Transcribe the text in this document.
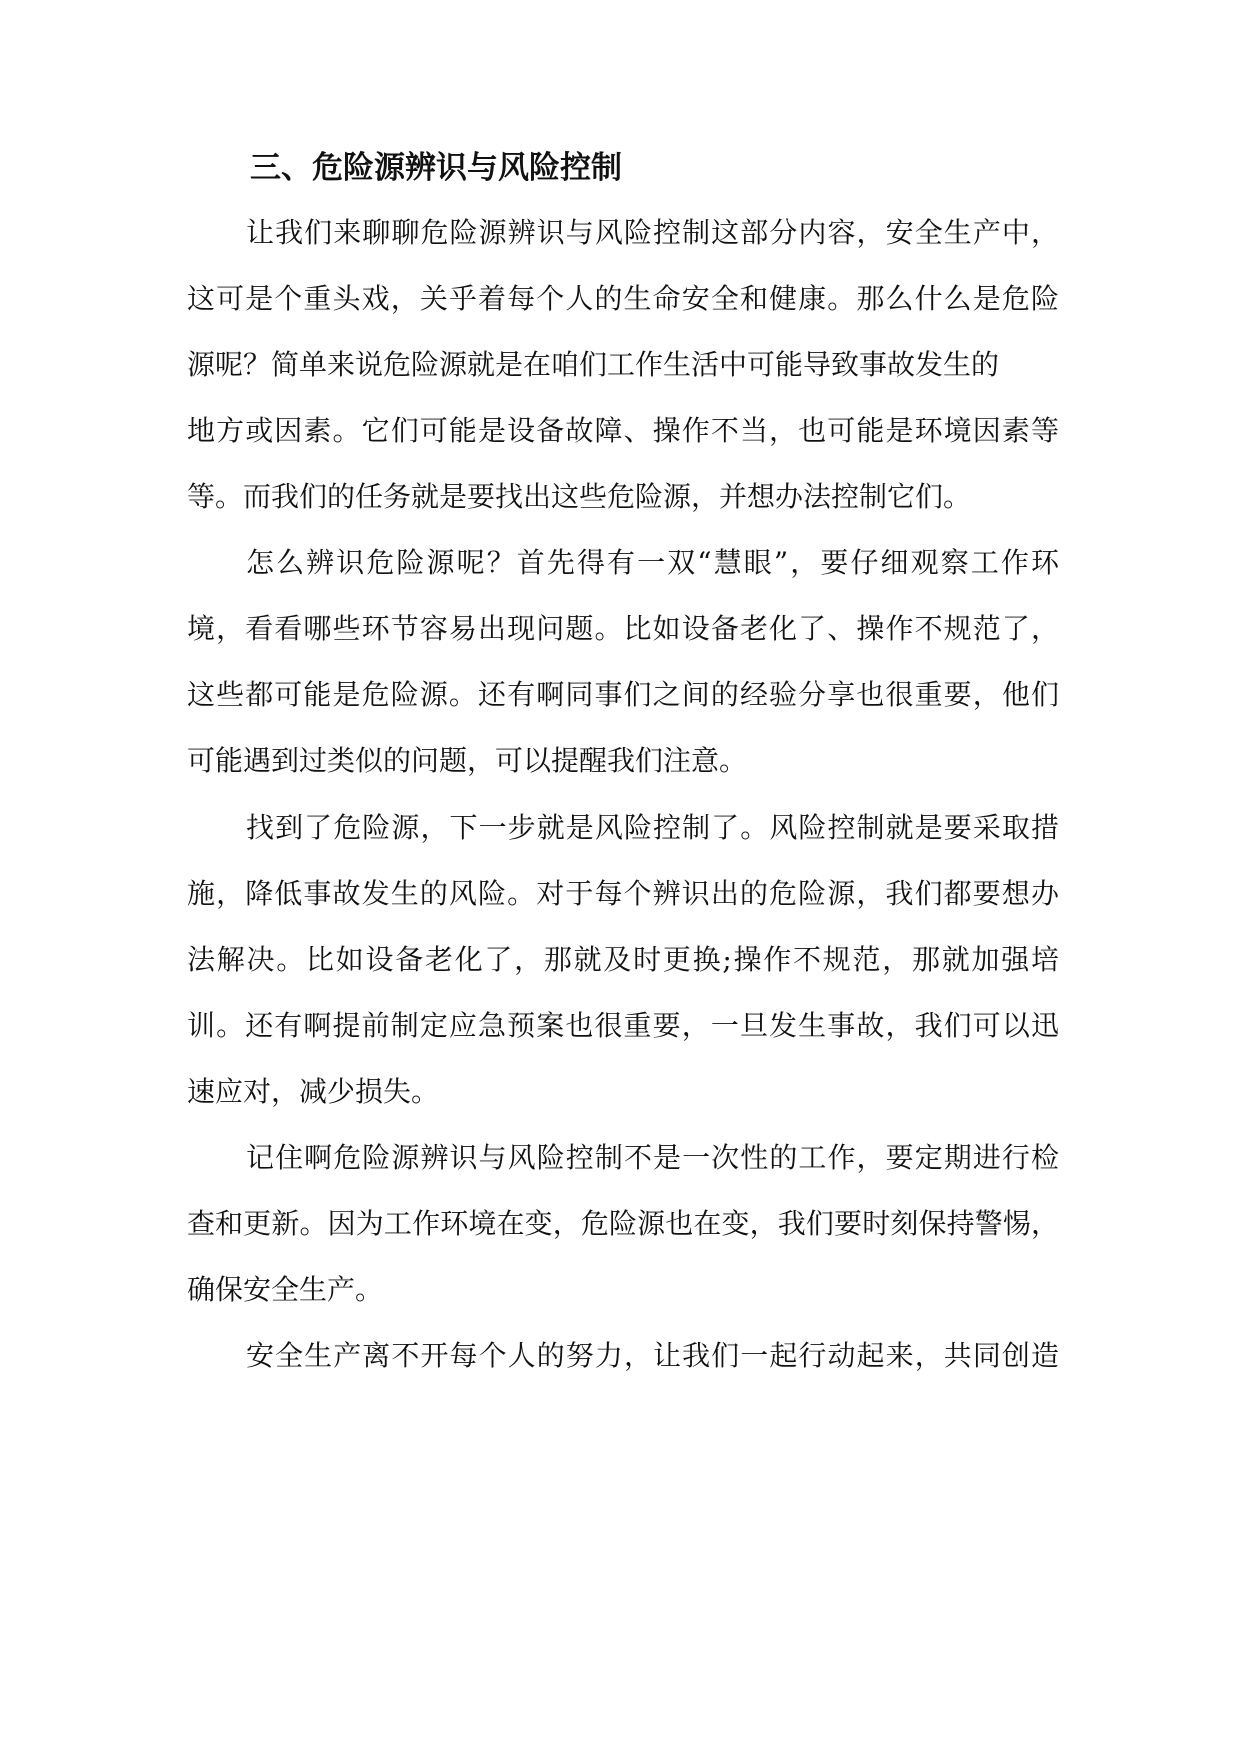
三、危险源辨识与风险控制

让我们来聊聊危险源辨识与风险控制这部分内容，安全生产中，

这可是个重头戏，关乎着每个人的生命安全和健康。那么什么是危险

源呢？简单来说危险源就是在咱们工作生活中可能导致事故发生的

地方或因素。它们可能是设备故障、操作不当，也可能是环境因素等

等。而我们的任务就是要找出这些危险源，并想办法控制它们。

怎么辨识危险源呢？首先得有一双“慧眼”，要仔细观察工作环

境，看看哪些环节容易出现问题。比如设备老化了、操作不规范了，

这些都可能是危险源。还有啊同事们之间的经验分享也很重要，他们

可能遇到过类似的问题，可以提醒我们注意。

找到了危险源，下一步就是风险控制了。风险控制就是要采取措

施，降低事故发生的风险。对于每个辨识出的危险源，我们都要想办

法解决。比如设备老化了，那就及时更换;操作不规范，那就加强培

训。还有啊提前制定应急预案也很重要，一旦发生事故，我们可以迅

速应对，减少损失。

记住啊危险源辨识与风险控制不是一次性的工作，要定期进行检

查和更新。因为工作环境在变，危险源也在变，我们要时刻保持警惕，

确保安全生产。

安全生产离不开每个人的努力，让我们一起行动起来，共同创造
